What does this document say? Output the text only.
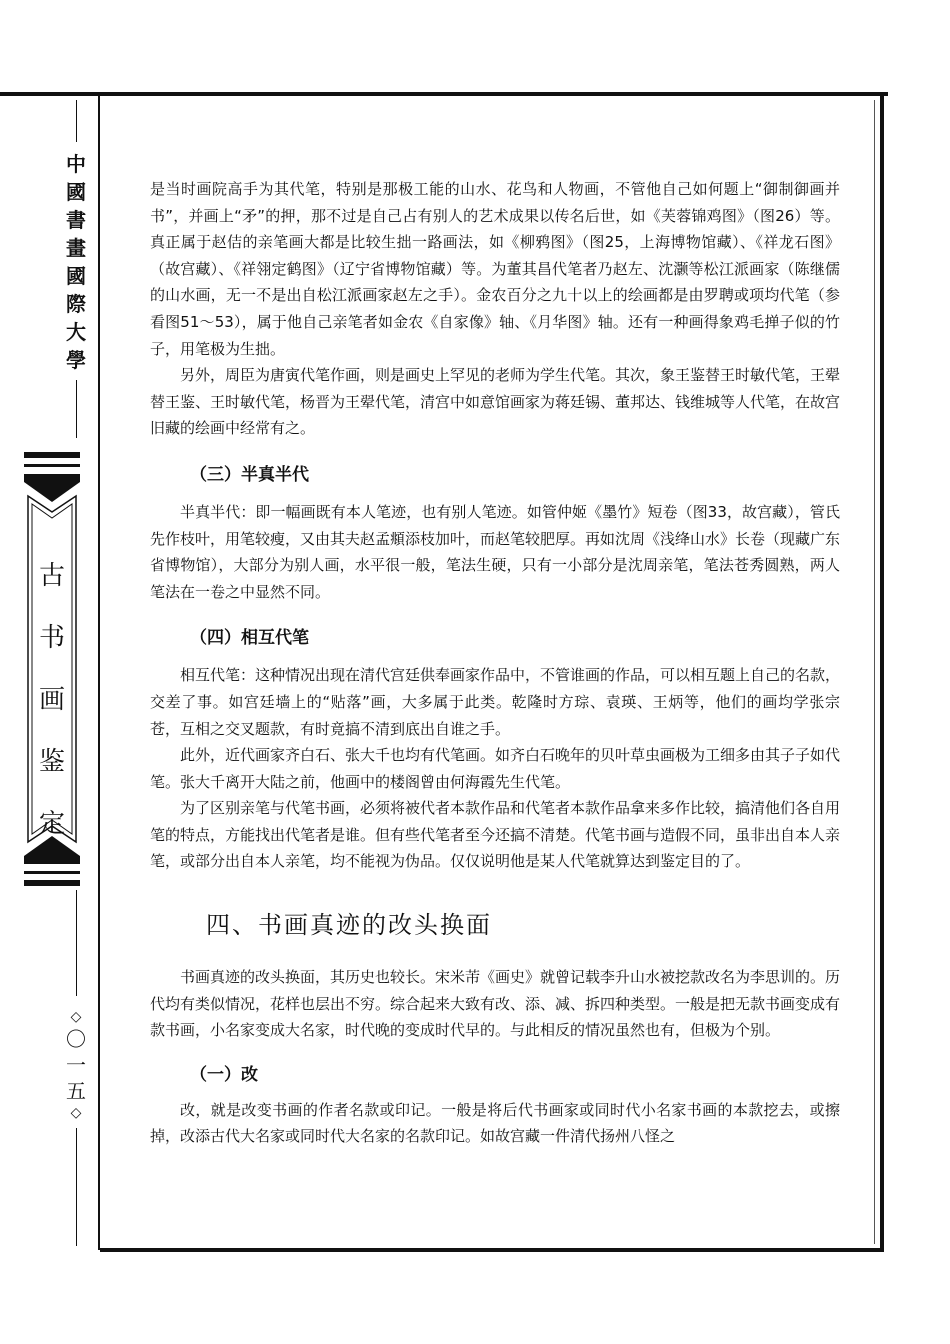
中
國
書
畫
國
際
大
學
古
书
画
鉴
定
◇
〇
一
五
◇

是当时画院高手为其代笔，特别是那极工能的山水、花鸟和人物画，不管他自己如何题上“御制御画并书”，并画上“矛”的押，那不过是自己占有别人的艺术成果以传名后世，如《芙蓉锦鸡图》（图26）等。真正属于赵佶的亲笔画大都是比较生拙一路画法，如《柳鸦图》（图25，上海博物馆藏）、《祥龙石图》（故宫藏）、《祥翎定鹤图》（辽宁省博物馆藏）等。为董其昌代笔者乃赵左、沈灏等松江派画家（陈继儒的山水画，无一不是出自松江派画家赵左之手）。金农百分之九十以上的绘画都是由罗聘或项均代笔（参看图51～53），属于他自己亲笔者如金农《自家像》轴、《月华图》轴。还有一种画得象鸡毛掸子似的竹子，用笔极为生拙。

另外，周臣为唐寅代笔作画，则是画史上罕见的老师为学生代笔。其次，象王鉴替王时敏代笔，王翚替王鉴、王时敏代笔，杨晋为王翚代笔，清宫中如意馆画家为蒋廷锡、董邦达、钱维城等人代笔，在故宫旧藏的绘画中经常有之。

（三）半真半代

半真半代：即一幅画既有本人笔迹，也有别人笔迹。如管仲姬《墨竹》短卷（图33，故宫藏），管氏先作枝叶，用笔较瘦，又由其夫赵孟頫添枝加叶，而赵笔较肥厚。再如沈周《浅绛山水》长卷（现藏广东省博物馆），大部分为别人画，水平很一般，笔法生硬，只有一小部分是沈周亲笔，笔法苍秀圆熟，两人笔法在一卷之中显然不同。

（四）相互代笔

相互代笔：这种情况出现在清代宫廷供奉画家作品中，不管谁画的作品，可以相互题上自己的名款，交差了事。如宫廷墙上的“贴落”画，大多属于此类。乾隆时方琮、袁瑛、王炳等，他们的画均学张宗苍，互相之交叉题款，有时竟搞不清到底出自谁之手。

此外，近代画家齐白石、张大千也均有代笔画。如齐白石晚年的贝叶草虫画极为工细多由其子子如代笔。张大千离开大陆之前，他画中的楼阁曾由何海霞先生代笔。

为了区别亲笔与代笔书画，必须将被代者本款作品和代笔者本款作品拿来多作比较，搞清他们各自用笔的特点，方能找出代笔者是谁。但有些代笔者至今还搞不清楚。代笔书画与造假不同，虽非出自本人亲笔，或部分出自本人亲笔，均不能视为伪品。仅仅说明他是某人代笔就算达到鉴定目的了。

四、书画真迹的改头换面

书画真迹的改头换面，其历史也较长。宋米芾《画史》就曾记载李升山水被挖款改名为李思训的。历代均有类似情况，花样也层出不穷。综合起来大致有改、添、减、拆四种类型。一般是把无款书画变成有款书画，小名家变成大名家，时代晚的变成时代早的。与此相反的情况虽然也有，但极为个别。

（一）改

改，就是改变书画的作者名款或印记。一般是将后代书画家或同时代小名家书画的本款挖去，或擦掉，改添古代大名家或同时代大名家的名款印记。如故宫藏一件清代扬州八怪之
